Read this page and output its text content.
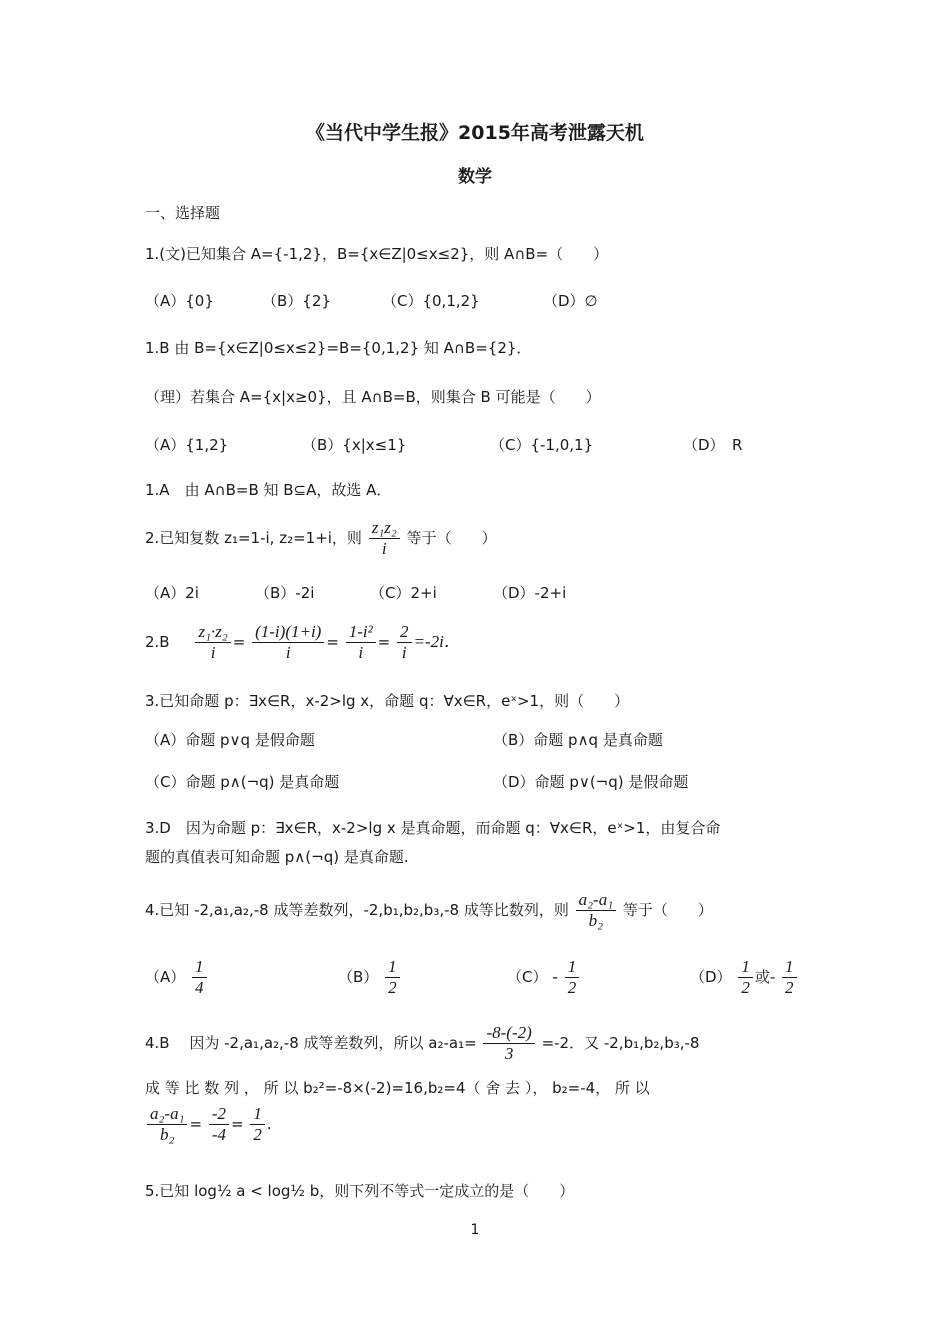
《当代中学生报》2015年高考泄露天机
数学
一、选择题
1.(文)已知集合 A={-1,2}，B={x∈Z|0≤x≤2}，则 A∩B=（　　）
（A）{0}	（B）{2}	（C）{0,1,2}	（D）∅
1.B 由 B={x∈Z|0≤x≤2}=B={0,1,2} 知 A∩B={2}．
（理）若集合 A={x|x≥0}，且 A∩B=B，则集合 B 可能是（　　）
（A）{1,2}	（B）{x|x≤1}	（C）{-1,0,1}	（D）　R
1.A　由 A∩B=B 知 B⊆A，故选 A．
2.已知复数 z₁=1-i, z₂=1+i，则 $\frac{\text{z₁z₂}}{i}$ 等于（　　）
（A）2i	（B）-2i	（C）2+i	（D）-2+i
$2.B \frac{\text{z₁·z₂}}{i} = \frac{(1-i)(1+i)}{i} = \frac{\text{1-i²}}{i} = \frac{2}{i} =-2i$．
3.已知命题 p：∃x∈R，x-2>lg x，命题 q：∀x∈R，eˣ>1，则（　　）
（A）命题 p∨q 是假命题	（B）命题 p∧q 是真命题
（C）命题 p∧(¬q) 是真命题	（D）命题 p∨(¬q) 是假命题
3.D　因为命题 p：∃x∈R，x-2>lg x 是真命题，而命题 q：∀x∈R，eˣ>1，由复合命
题的真值表可知命题 p∧(¬q) 是真命题.
4.已知 -2,a₁,a₂,-8 成等差数列，-2,b₁,b₂,b₃,-8 成等比数列，则 $\frac{\text{a₂-a₁}}{\text{b₂}}$ 等于（　　）
$(A) \frac{1}{4}$	$(B) \frac{1}{2}$	$(C) - \frac{1}{2}$	$(D) \frac{1}{2}$ 或- $\frac{1}{2}$
4.B　 因为 -2,a₁,a₂,-8 成等差数列，所以 $a_2-a_1= \frac{-8-(-2)}{3} =-2$．又 -2,b₁,b₂,b₃,-8
成 等 比 数 列 ， 所 以 b₂²=-8×(-2)=16,b₂=4（ 舍 去 ）， b₂=-4， 所 以
$\frac{\text{a₂-a₁}}{\text{b₂}} = \frac{-2}{-4} = \frac{1}{2}$ .
5.已知 log½ a < log½ b，则下列不等式一定成立的是（　　）
1
